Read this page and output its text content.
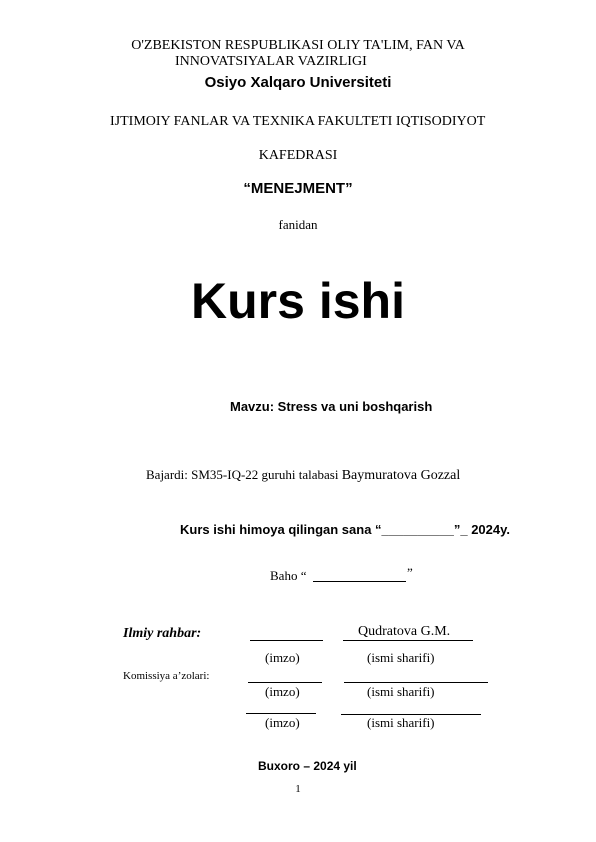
O'ZBEKISTON RESPUBLIKASI OLIY TA'LIM, FAN VA
INNOVATSIYALAR VAZIRLIGI
Osiyo Xalqaro Universiteti
IJTIMOIY FANLAR VA TEXNIKA FAKULTETI IQTISODIYOT
KAFEDRASI
“MENEJMENT”
fanidan
Kurs ishi
Mavzu: Stress va uni boshqarish
Bajardi: SM35-IQ-22 guruhi talabasi Baymuratova Gozzal
Kurs ishi himoya qilingan sana “__________”_ 2024y.
Baho “	”
Ilmiy rahbar:	Qudratova G.M.
(imzo)	(ismi sharifi)
Komissiya a’zolari:
(imzo)	(ismi sharifi)
(imzo)	(ismi sharifi)
Buxoro – 2024 yil
1
